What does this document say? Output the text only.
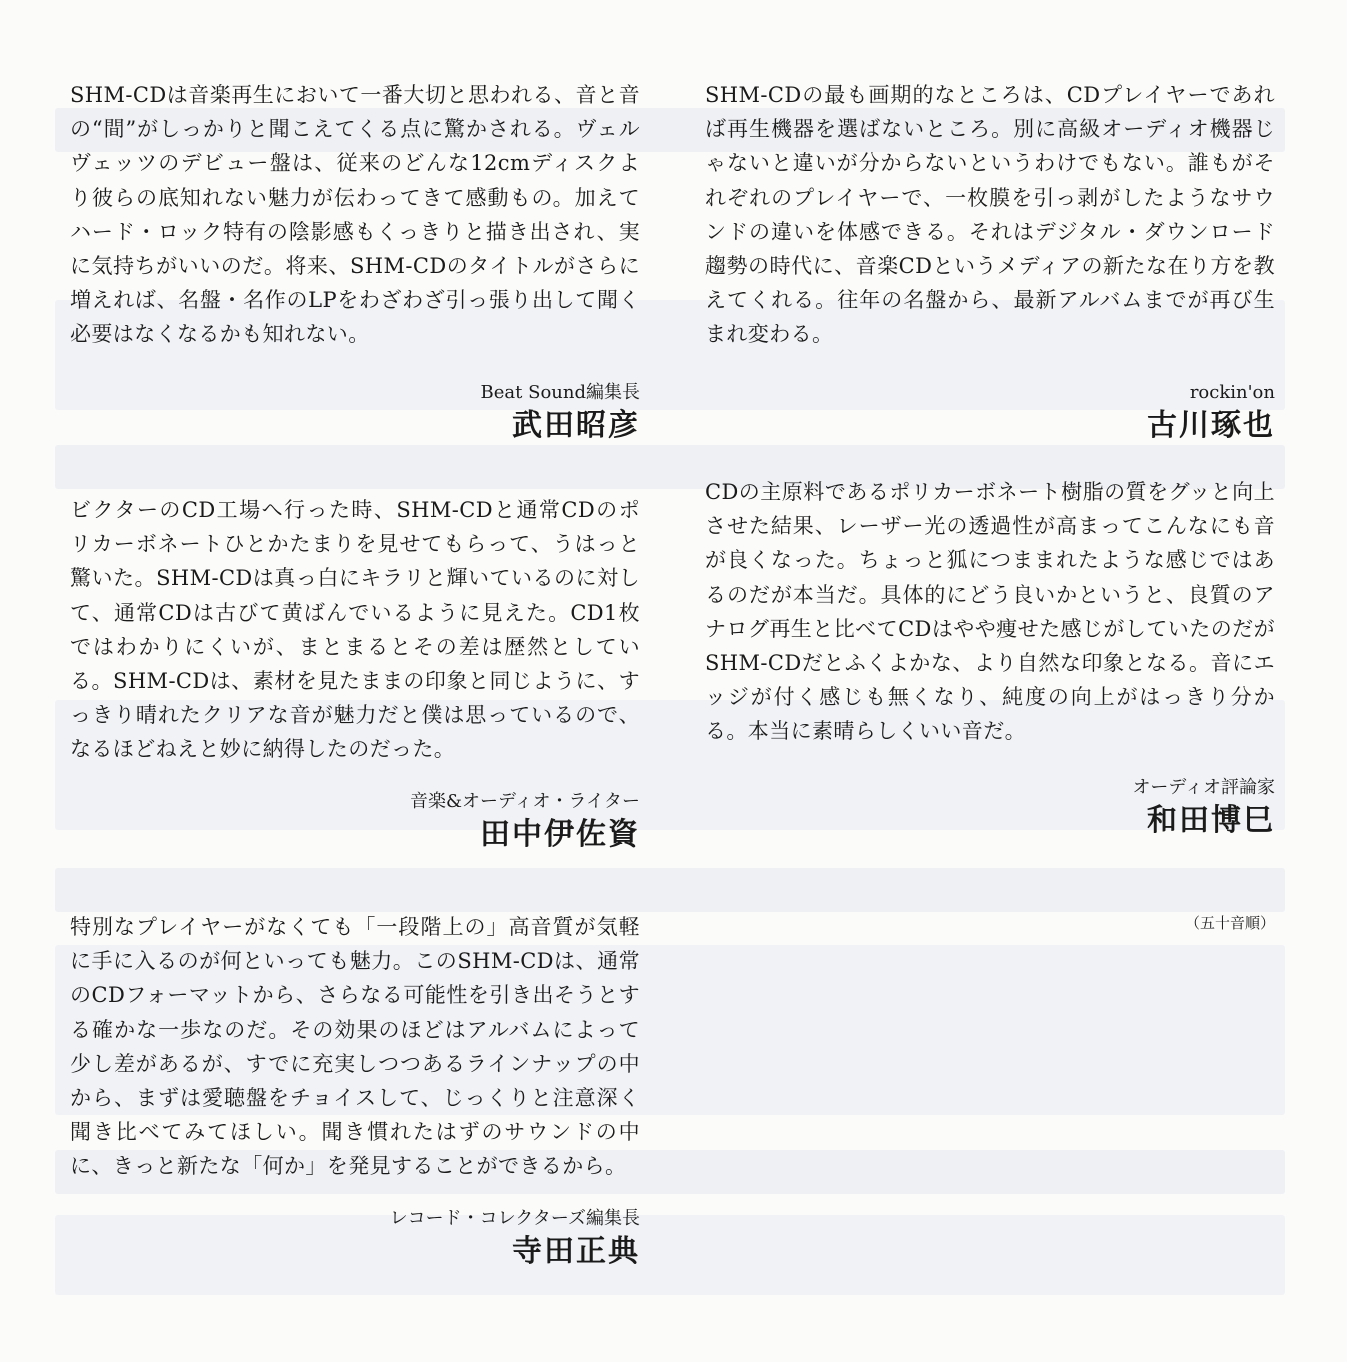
SHM-CDは音楽再生において一番大切と思われる、音と音の“間”がしっかりと聞こえてくる点に驚かされる。ヴェルヴェッツのデビュー盤は、従来のどんな12cmディスクより彼らの底知れない魅力が伝わってきて感動もの。加えてハード・ロック特有の陰影感もくっきりと描き出され、実に気持ちがいいのだ。将来、SHM-CDのタイトルがさらに増えれば、名盤・名作のLPをわざわざ引っ張り出して聞く必要はなくなるかも知れない。

Beat Sound編集長

武田昭彦

ビクターのCD工場へ行った時、SHM-CDと通常CDのポリカーボネートひとかたまりを見せてもらって、うはっと驚いた。SHM-CDは真っ白にキラリと輝いているのに対して、通常CDは古びて黄ばんでいるように見えた。CD1枚ではわかりにくいが、まとまるとその差は歴然としている。SHM-CDは、素材を見たままの印象と同じように、すっきり晴れたクリアな音が魅力だと僕は思っているので、なるほどねえと妙に納得したのだった。

音楽&オーディオ・ライター

田中伊佐資

特別なプレイヤーがなくても「一段階上の」高音質が気軽に手に入るのが何といっても魅力。このSHM-CDは、通常のCDフォーマットから、さらなる可能性を引き出そうとする確かな一歩なのだ。その効果のほどはアルバムによって少し差があるが、すでに充実しつつあるラインナップの中から、まずは愛聴盤をチョイスして、じっくりと注意深く聞き比べてみてほしい。聞き慣れたはずのサウンドの中に、きっと新たな「何か」を発見することができるから。

レコード・コレクターズ編集長

寺田正典

SHM-CDの最も画期的なところは、CDプレイヤーであれば再生機器を選ばないところ。別に高級オーディオ機器じゃないと違いが分からないというわけでもない。誰もがそれぞれのプレイヤーで、一枚膜を引っ剥がしたようなサウンドの違いを体感できる。それはデジタル・ダウンロード趨勢の時代に、音楽CDというメディアの新たな在り方を教えてくれる。往年の名盤から、最新アルバムまでが再び生まれ変わる。

rockin'on

古川琢也

CDの主原料であるポリカーボネート樹脂の質をグッと向上させた結果、レーザー光の透過性が高まってこんなにも音が良くなった。ちょっと狐につままれたような感じではあるのだが本当だ。具体的にどう良いかというと、良質のアナログ再生と比べてCDはやや痩せた感じがしていたのだがSHM-CDだとふくよかな、より自然な印象となる。音にエッジが付く感じも無くなり、純度の向上がはっきり分かる。本当に素晴らしくいい音だ。

オーディオ評論家

和田博巳

（五十音順）
